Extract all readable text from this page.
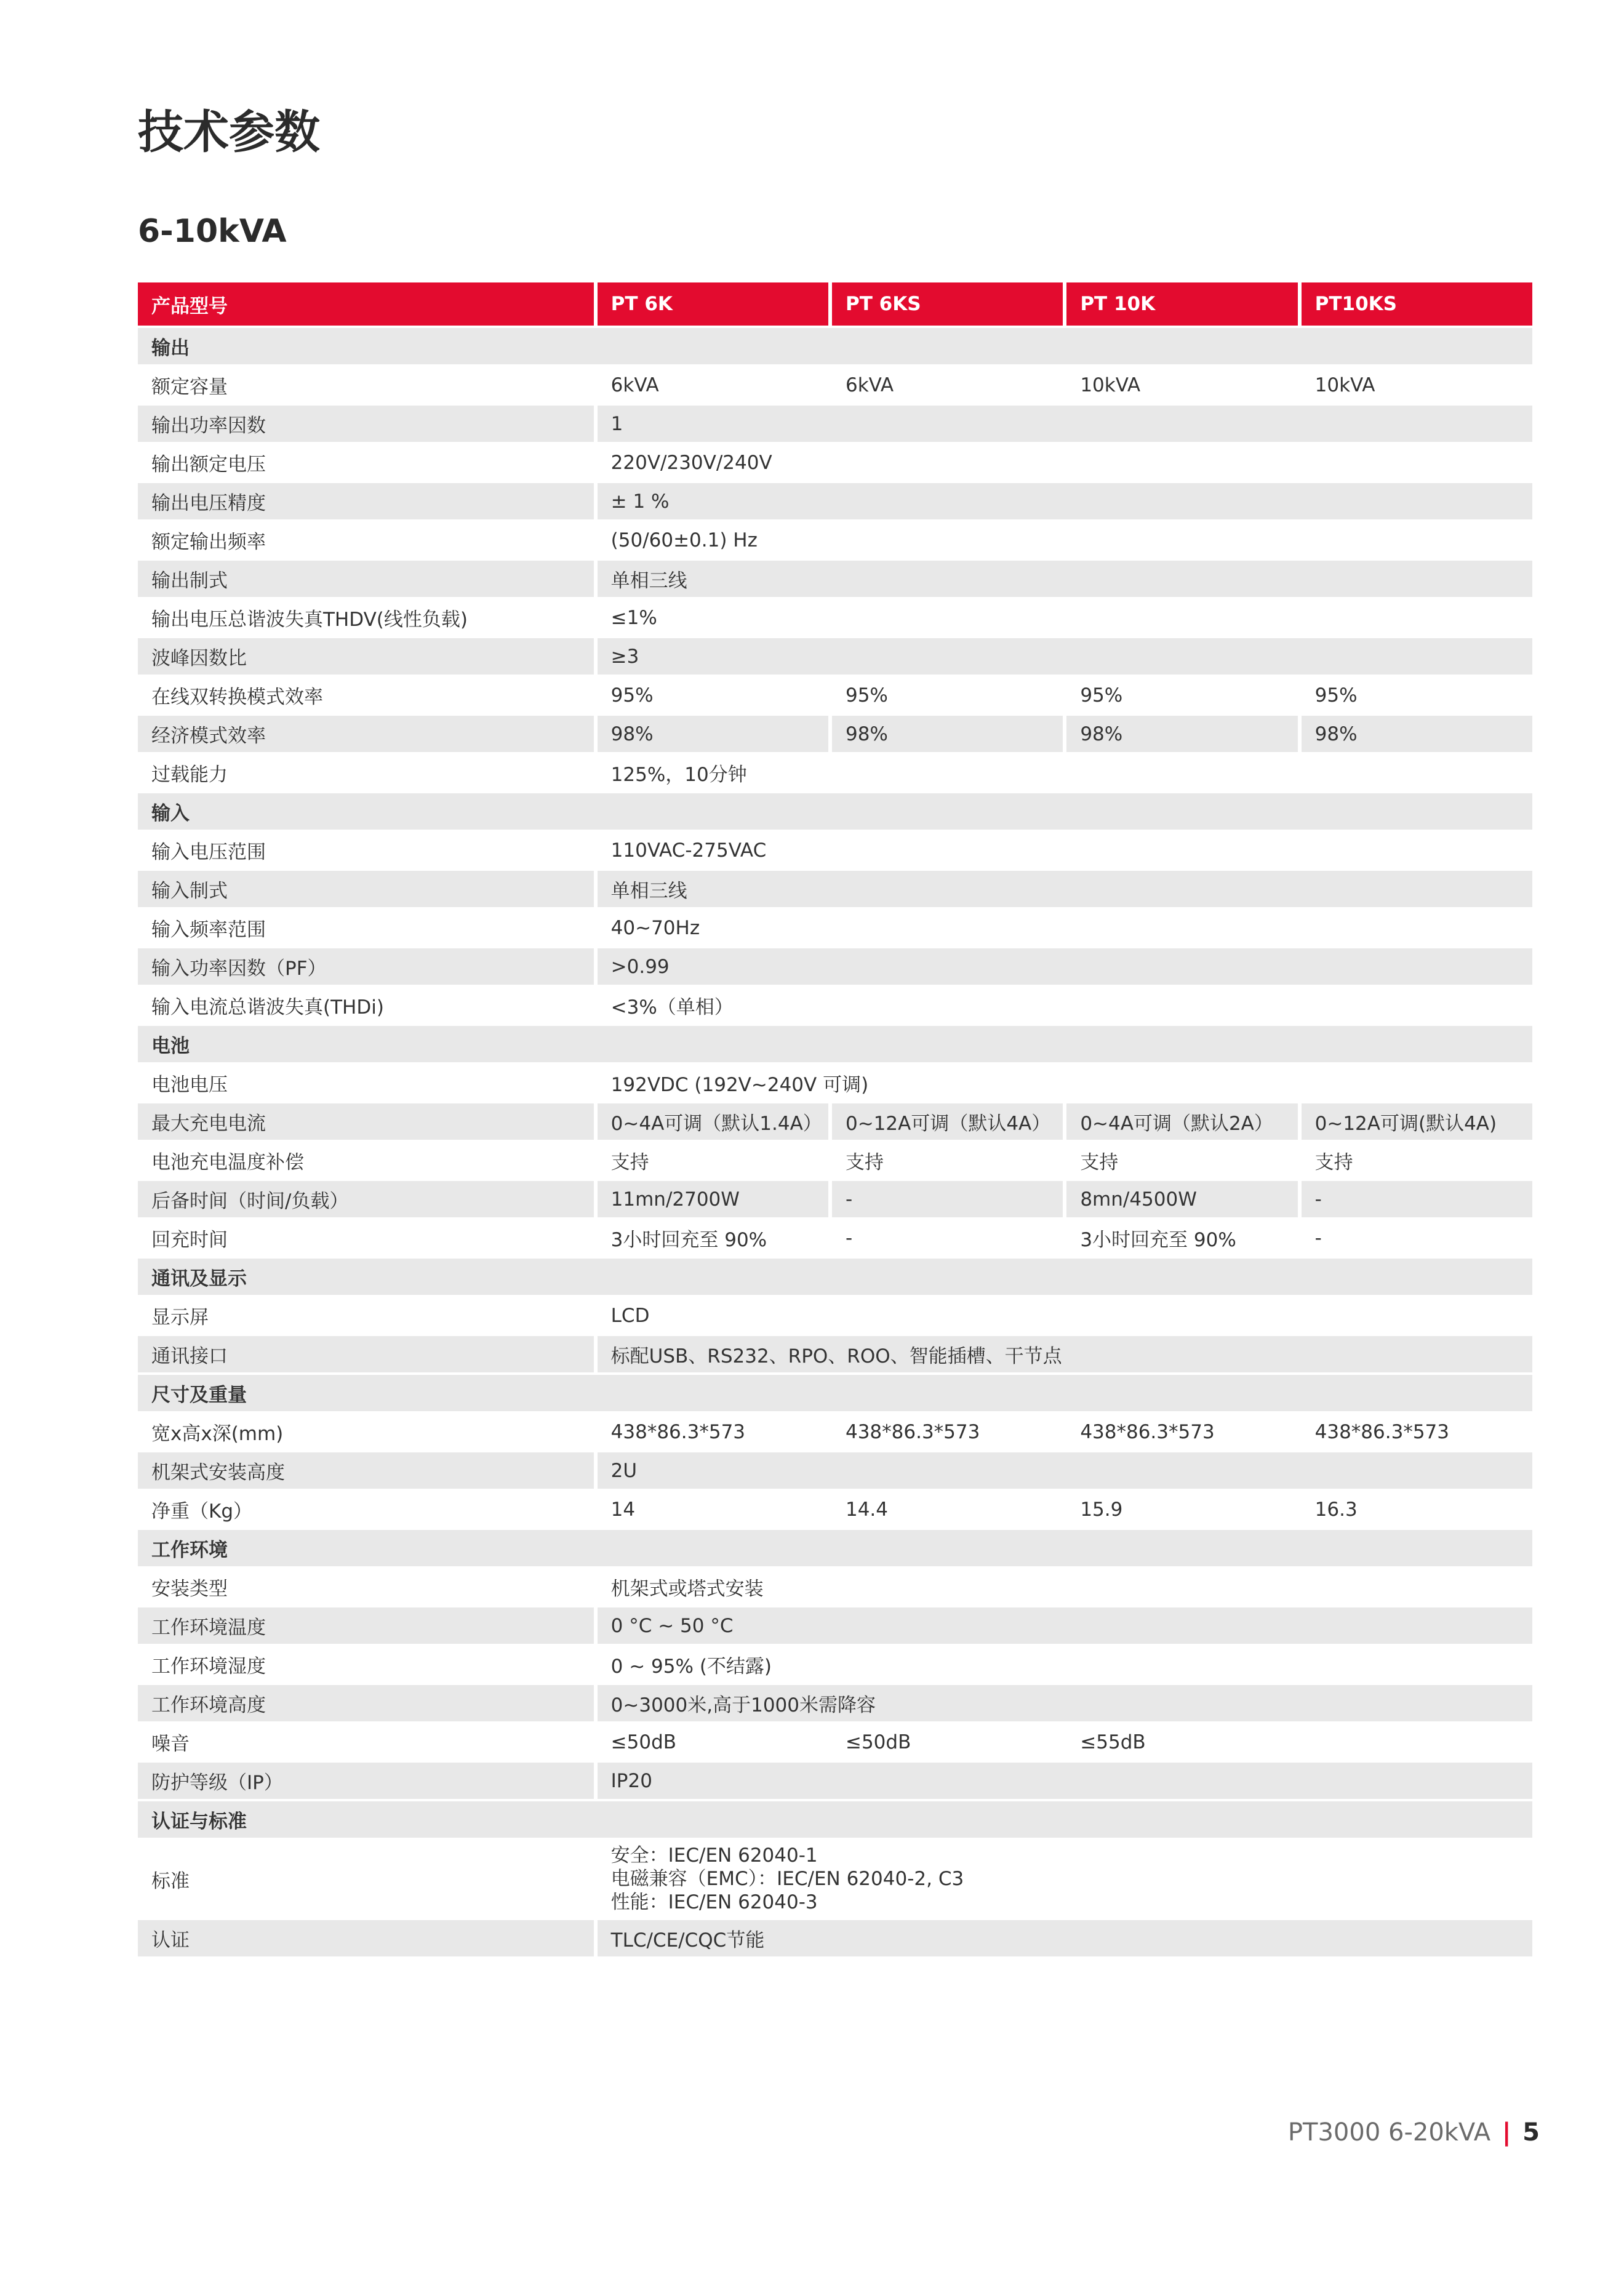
技术参数
6-10kVA
产品型号	PT 6K	PT 6KS	PT 10K	PT10KS
输出				
额定容量	6kVA	6kVA	10kVA	10kVA
输出功率因数	1			
输出额定电压	220V/230V/240V			
输出电压精度	± 1 %			
额定输出频率	(50/60±0.1) Hz			
输出制式	单相三线			
输出电压总谐波失真THDV(线性负载)	≤1%			
波峰因数比	≥3			
在线双转换模式效率	95%	95%	95%	95%
经济模式效率	98%	98%	98%	98%
过载能力	125%，10分钟			
输入				
输入电压范围	110VAC-275VAC			
输入制式	单相三线			
输入频率范围	40~70Hz			
输入功率因数（PF）	>0.99			
输入电流总谐波失真(THDi)	<3%（单相）			
电池				
电池电压	192VDC (192V~240V 可调)			
最大充电电流	0~4A可调（默认1.4A）	0~12A可调（默认4A）	0~4A可调（默认2A）	0~12A可调(默认4A)
电池充电温度补偿	支持	支持	支持	支持
后备时间（时间/负载）	11mn/2700W	-	8mn/4500W	-
回充时间	3小时回充至 90%	-	3小时回充至 90%	-
通讯及显示				
显示屏	LCD			
通讯接口	标配USB、RS232、RPO、ROO、智能插槽、干节点			
尺寸及重量				
宽x高x深(mm)	438*86.3*573	438*86.3*573	438*86.3*573	438*86.3*573
机架式安装高度	2U			
净重（Kg）	14	14.4	15.9	16.3
工作环境				
安装类型	机架式或塔式安装			
工作环境温度	0 °C ~ 50 °C			
工作环境湿度	0 ~ 95% (不结露)			
工作环境高度	0~3000米,高于1000米需降容			
噪音	≤50dB	≤50dB	≤55dB	
防护等级（IP）	IP20			
认证与标准				
标准	安全：IEC/EN 62040-1
电磁兼容（EMC）：IEC/EN 62040-2, C3
性能：IEC/EN 62040-3			
认证	TLC/CE/CQC节能			
PT3000 6-20kVA | 5
